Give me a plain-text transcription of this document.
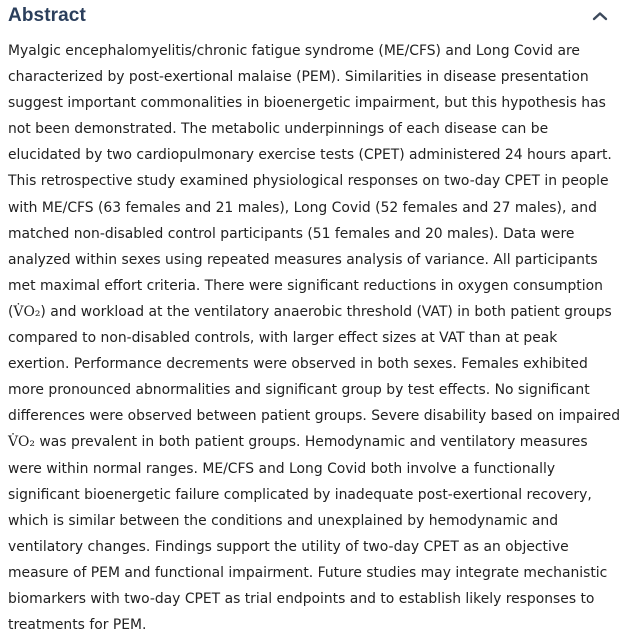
Abstract

Myalgic encephalomyelitis/chronic fatigue syndrome (ME/CFS) and Long Covid are characterized by post-exertional malaise (PEM). Similarities in disease presentation suggest important commonalities in bioenergetic impairment, but this hypothesis has not been demonstrated. The metabolic underpinnings of each disease can be elucidated by two cardiopulmonary exercise tests (CPET) administered 24 hours apart. This retrospective study examined physiological responses on two-day CPET in people with ME/CFS (63 females and 21 males), Long Covid (52 females and 27 males), and matched non-disabled control participants (51 females and 20 males). Data were analyzed within sexes using repeated measures analysis of variance. All participants met maximal effort criteria. There were significant reductions in oxygen consumption (V̇O₂) and workload at the ventilatory anaerobic threshold (VAT) in both patient groups compared to non-disabled controls, with larger effect sizes at VAT than at peak exertion. Performance decrements were observed in both sexes. Females exhibited more pronounced abnormalities and significant group by test effects. No significant differences were observed between patient groups. Severe disability based on impaired V̇O₂ was prevalent in both patient groups. Hemodynamic and ventilatory measures were within normal ranges. ME/CFS and Long Covid both involve a functionally significant bioenergetic failure complicated by inadequate post-exertional recovery, which is similar between the conditions and unexplained by hemodynamic and ventilatory changes. Findings support the utility of two-day CPET as an objective measure of PEM and functional impairment. Future studies may integrate mechanistic biomarkers with two-day CPET as trial endpoints and to establish likely responses to treatments for PEM.
